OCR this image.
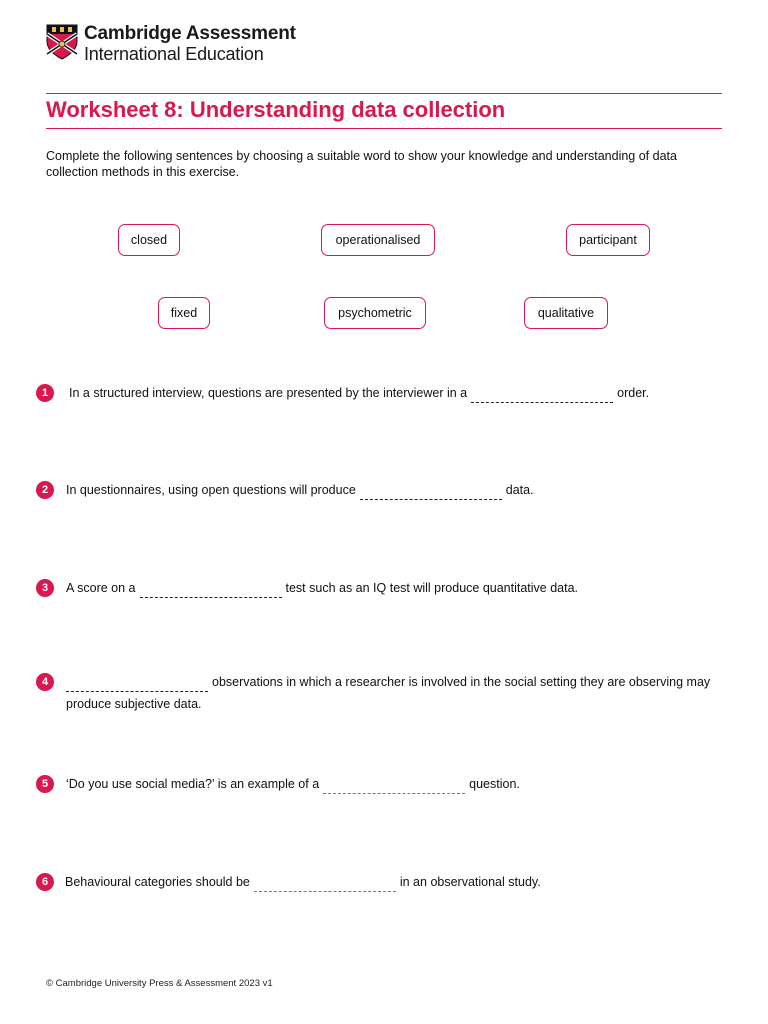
Cambridge Assessment
International Education
Worksheet 8: Understanding data collection
Complete the following sentences by choosing a suitable word to show your knowledge and understanding of data collection methods in this exercise.
closed	operationalised	participant
fixed	psychometric	qualitative
1	In a structured interview, questions are presented by the interviewer in a	order.
2	In questionnaires, using open questions will produce	data.
3	A score on a	test such as an IQ test will produce quantitative data.
4	observations in which a researcher is involved in the social setting they are observing may produce subjective data.
5	‘Do you use social media?’ is an example of a	question.
6	Behavioural categories should be	in an observational study.
© Cambridge University Press & Assessment 2023 v1
